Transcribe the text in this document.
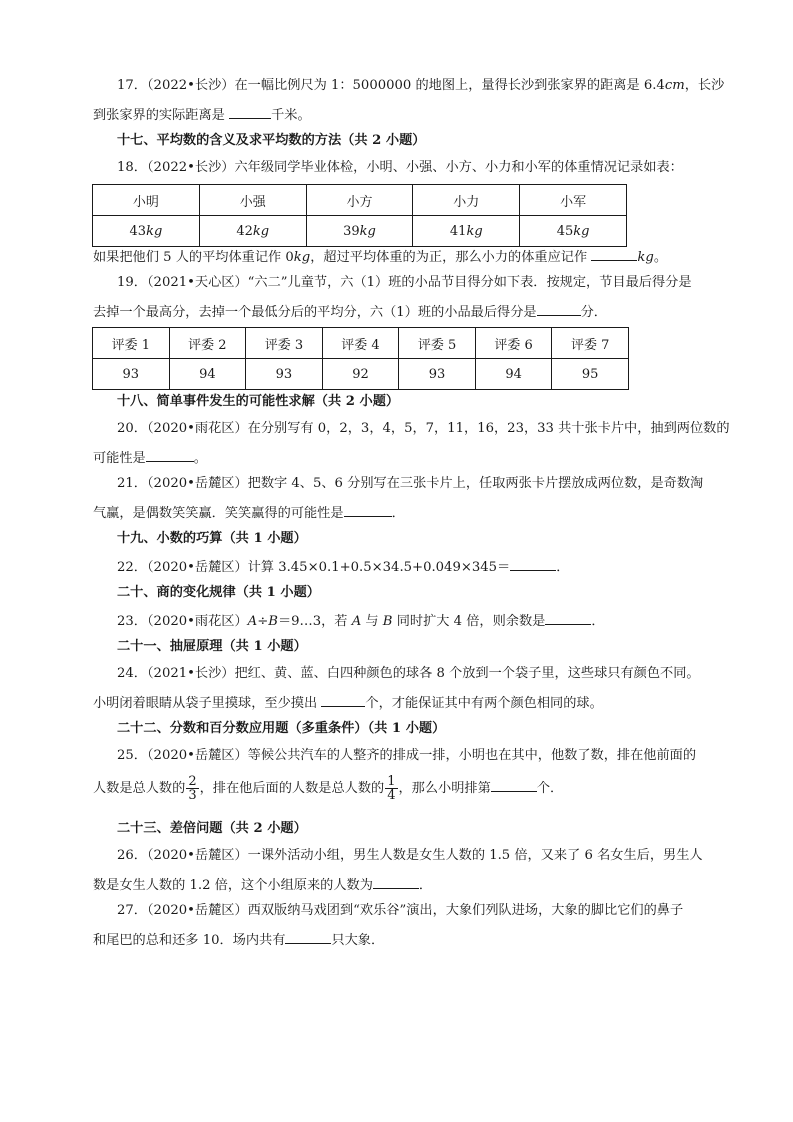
17．（2022•长沙）在一幅比例尺为 1：5000000 的地图上，量得长沙到张家界的距离是 6.4cm，长沙
到张家界的实际距离是	千米。
十七、平均数的含义及求平均数的方法（共 2 小题）
18．（2022•长沙）六年级同学毕业体检，小明、小强、小方、小力和小军的体重情况记录如表：
小明	小强	小方	小力	小军
43kg	42kg	39kg	41kg	45kg
如果把他们 5 人的平均体重记作 0kg，超过平均体重的为正，那么小力的体重应记作	kg。
19．（2021•天心区）“六二”儿童节，六（1）班的小品节目得分如下表．按规定，节目最后得分是
去掉一个最高分，去掉一个最低分后的平均分，六（1）班的小品最后得分是	分．
评委 1	评委 2	评委 3	评委 4	评委 5	评委 6	评委 7
93	94	93	92	93	94	95
十八、简单事件发生的可能性求解（共 2 小题）
20．（2020•雨花区）在分别写有 0，2，3，4，5，7，11，16，23，33 共十张卡片中，抽到两位数的
可能性是	。
21．（2020•岳麓区）把数字 4、5、6 分别写在三张卡片上，任取两张卡片摆放成两位数，是奇数淘
气赢，是偶数笑笑赢．笑笑赢得的可能性是	．
十九、小数的巧算（共 1 小题）
22．（2020•岳麓区）计算 3.45×0.1+0.5×34.5+0.049×345＝	．
二十、商的变化规律（共 1 小题）
23．（2020•雨花区）A÷B＝9…3，若 A 与 B 同时扩大 4 倍，则余数是	．
二十一、抽屉原理（共 1 小题）
24．（2021•长沙）把红、黄、蓝、白四种颜色的球各 8 个放到一个袋子里，这些球只有颜色不同。
小明闭着眼睛从袋子里摸球，至少摸出	个，才能保证其中有两个颜色相同的球。
二十二、分数和百分数应用题（多重条件）（共 1 小题）
25．（2020•岳麓区）等候公共汽车的人整齐的排成一排，小明也在其中，他数了数，排在他前面的
人数是总人数的 $\frac{2}{3}$ ，排在他后面的人数是总人数的 $\frac{1}{4}$ ，那么小明排第	个．
二十三、差倍问题（共 2 小题）
26．（2020•岳麓区）一课外活动小组，男生人数是女生人数的 1.5 倍，又来了 6 名女生后，男生人
数是女生人数的 1.2 倍，这个小组原来的人数为	．
27．（2020•岳麓区）西双版纳马戏团到“欢乐谷”演出，大象们列队进场，大象的脚比它们的鼻子
和尾巴的总和还多 10．场内共有	只大象．
